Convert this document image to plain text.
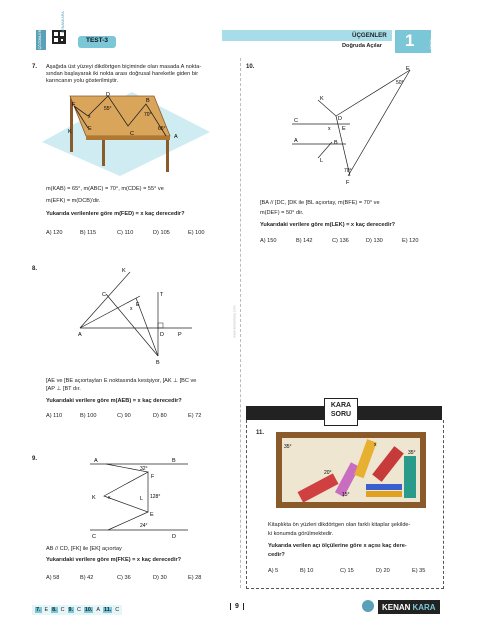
ÇÖZÜMLER
KENANKARA
TEST-3
ÜÇGENLER
Doğruda Açılar 1	ÜNİTE
www.kenankara.com
7. Aşağıda üst yüzeyi dikdörtgen biçiminde olan masada A nokta-
sından başlayarak iki nokta arası doğrusal hareketle giden bir
karıncanın yolu gösterilmiştir.
D
B
F
E
C
K
A
x
55°
70°
65°
m(KAB) = 65°, m(ABC) = 70°, m(CDE) = 55° ve
m(EFK) = m(DCB)'dir.
Yukarıda verilenlere göre m(FED) = x kaç derecedir?
A) 120	B) 115	C) 110	D) 105	E) 100
8.	K
C
E
T
x
A	D	P
B
[AE ve [BE açıortayları E noktasında kesişiyor, [AK ⊥ [BC ve
[AP ⊥ [BT dır.
Yukarıdaki verilere göre m(AEB) = x kaç derecedir?
A) 110	B) 100	C) 90	D) 80	E) 72
9.	A	B
32°
F
K x	L 128°
E
24°
C	D
AB // CD, [FK] ile [EK] açıortay
Yukarıdaki verilere göre m(FKE) = x kaç derecedir?
A) 58	B) 42	C) 36	D) 30	E) 28
10.	E
50°
K
C	D
x E
A	B
L
70°
F
[BA // [DC, [DK ile [BL açıortay, m(BFE) = 70° ve
m(DEF) = 50° dir.
Yukarıdaki verilere göre m(LEK) = x kaç derecedir?
A) 150	B) 142	C) 136	D) 130	E) 120
KARA
SORU
11.
35°	x
35°
20°
15°
Kitaplıkta ön yüzleri dikdörtgen olan farklı kitaplar şekilde-
ki konumda görülmektedir.
Yukarıda verilen açı ölçülerine göre x açısı kaç dere-
cedir?
A) 5	B) 10	C) 15	D) 20	E) 35
7. E 8. C 9. C 10. A 11. C	9	KENAN KARA
